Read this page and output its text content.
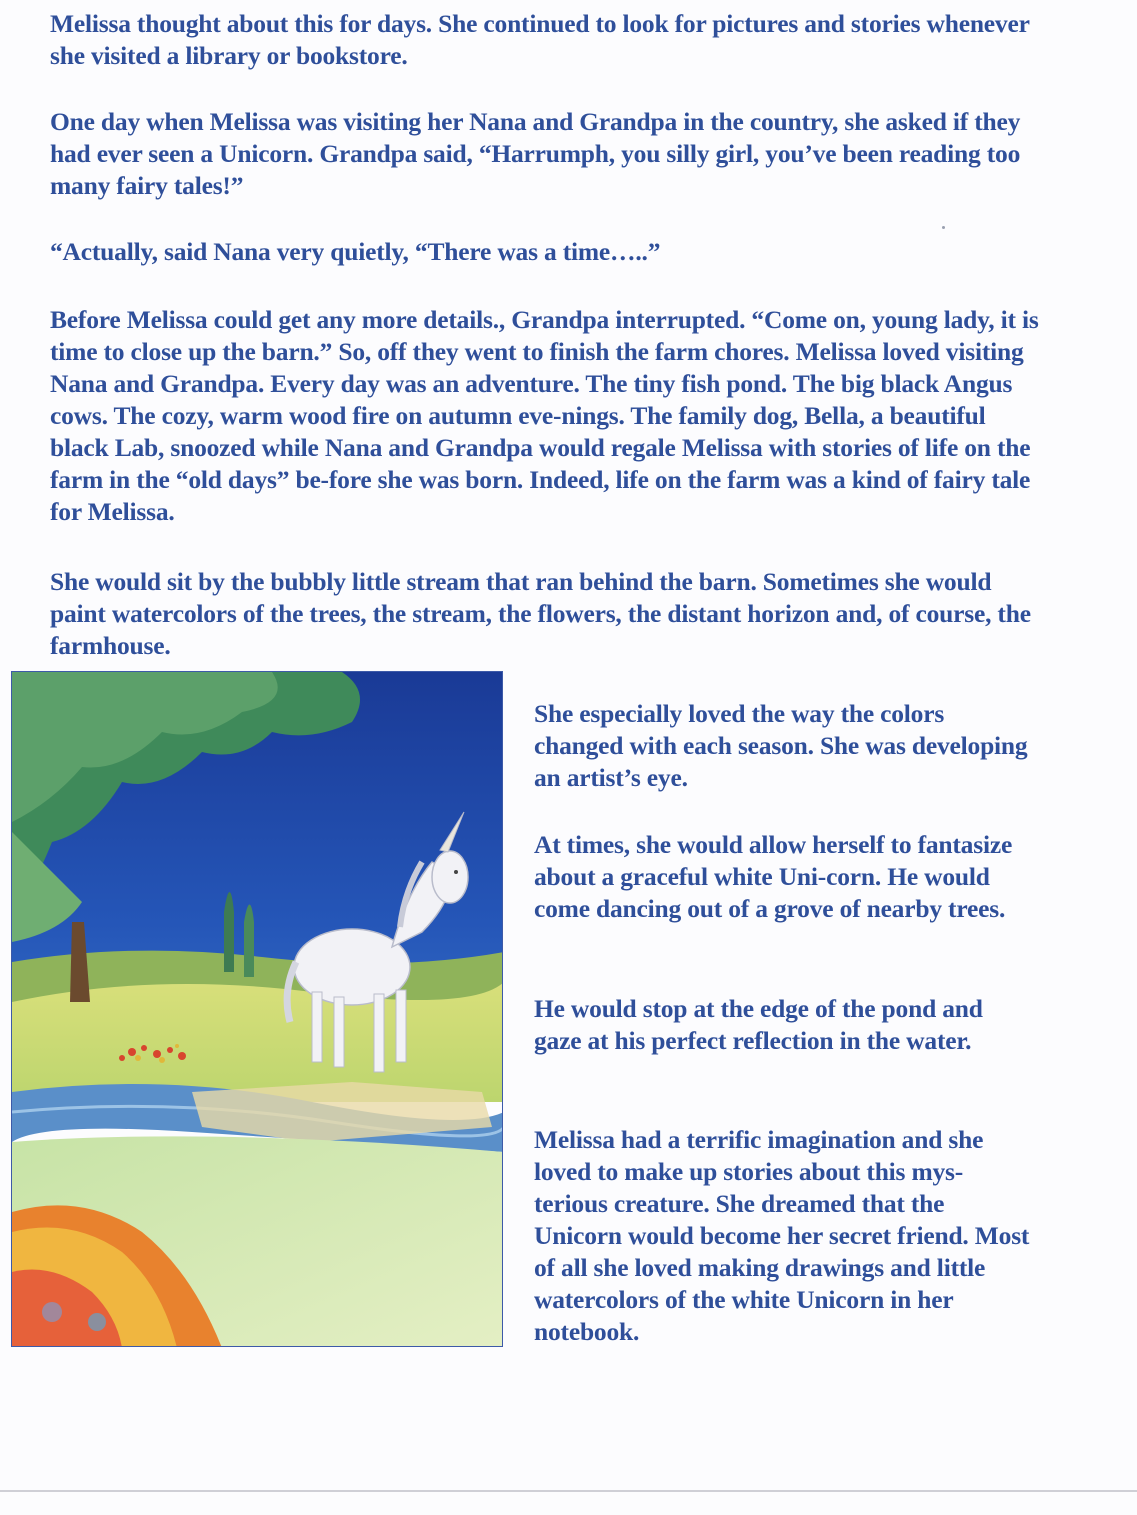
Melissa thought about this for days. She continued to look for pictures and stories whenever she visited a library or bookstore.

One day when Melissa was visiting her Nana and Grandpa in the country, she asked if they had ever seen a Unicorn. Grandpa said, “Harrumph, you silly girl, you’ve been reading too many fairy tales!”

“Actually, said Nana very quietly, “There was a time…..”

Before Melissa could get any more details., Grandpa interrupted. “Come on, young lady, it is time to close up the barn.” So, off they went to finish the farm chores. Melissa loved visiting Nana and Grandpa. Every day was an adventure. The tiny fish pond. The big black Angus cows. The cozy, warm wood fire on autumn eve-nings. The family dog, Bella, a beautiful black Lab, snoozed while Nana and Grandpa would regale Melissa with stories of life on the farm in the “old days” be-fore she was born. Indeed, life on the farm was a kind of fairy tale for Melissa.

She would sit by the bubbly little stream that ran behind the barn. Sometimes she would paint watercolors of the trees, the stream, the flowers, the distant horizon and, of course, the farmhouse.

She especially loved the way the colors changed with each season. She was developing an artist’s eye.

At times, she would allow herself to fantasize about a graceful white Uni-corn. He would come dancing out of a grove of nearby trees.

He would stop at the edge of the pond and gaze at his perfect reflection in the water.

Melissa had a terrific imagination and she loved to make up stories about this mys-terious creature. She dreamed that the Unicorn would become her secret friend. Most of all she loved making drawings and little watercolors of the white Unicorn in her notebook.
